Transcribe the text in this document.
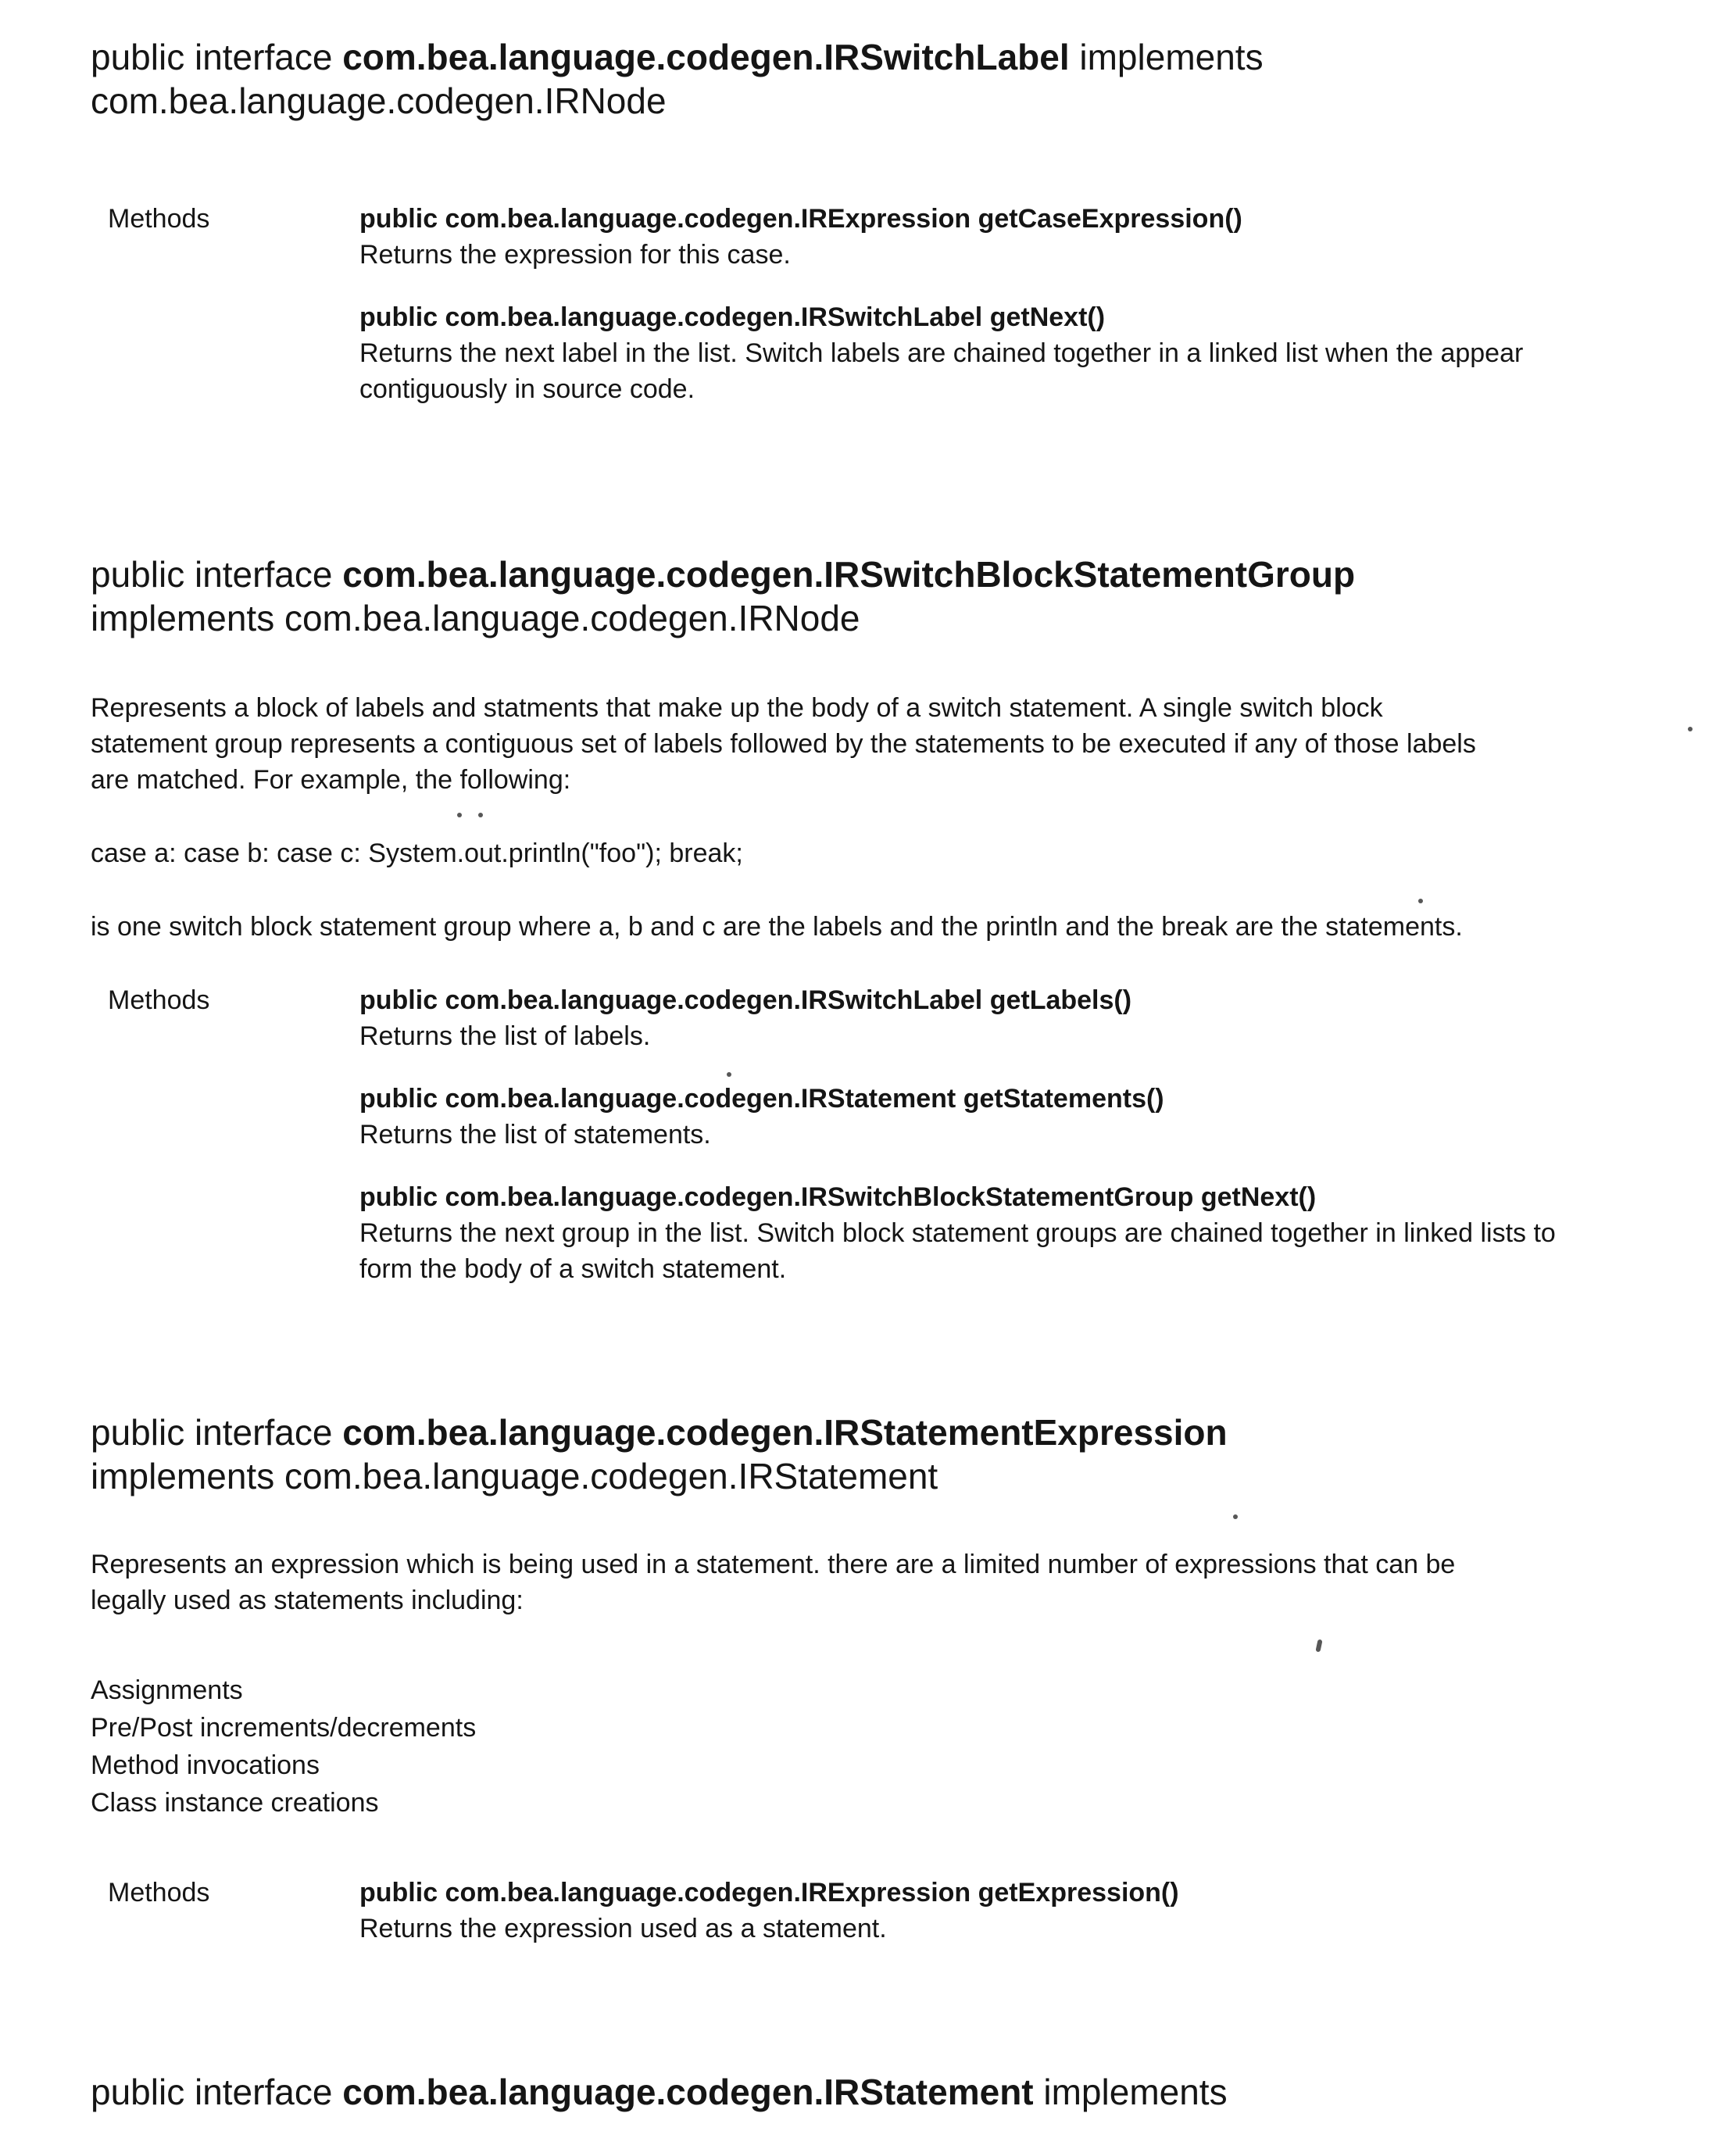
public interface com.bea.language.codegen.IRSwitchLabel implements
com.bea.language.codegen.IRNode
Methods	public com.bea.language.codegen.IRExpression getCaseExpression()
Returns the expression for this case.
public com.bea.language.codegen.IRSwitchLabel getNext()
Returns the next label in the list. Switch labels are chained together in a linked list when the appear contiguously in source code.
public interface com.bea.language.codegen.IRSwitchBlockStatementGroup
implements com.bea.language.codegen.IRNode

Represents a block of labels and statments that make up the body of a switch statement. A single switch block statement group represents a contiguous set of labels followed by the statements to be executed if any of those labels are matched. For example, the following:

case a: case b: case c: System.out.println("foo"); break;

is one switch block statement group where a, b and c are the labels and the println and the break are the statements.

Methods	public com.bea.language.codegen.IRSwitchLabel getLabels()
Returns the list of labels.
public com.bea.language.codegen.IRStatement getStatements()
Returns the list of statements.
public com.bea.language.codegen.IRSwitchBlockStatementGroup getNext()
Returns the next group in the list. Switch block statement groups are chained together in linked lists to form the body of a switch statement.
public interface com.bea.language.codegen.IRStatementExpression
implements com.bea.language.codegen.IRStatement

Represents an expression which is being used in a statement. there are a limited number of expressions that can be legally used as statements including:

Assignments
Pre/Post increments/decrements
Method invocations
Class instance creations
Methods	public com.bea.language.codegen.IRExpression getExpression()
Returns the expression used as a statement.
public interface com.bea.language.codegen.IRStatement implements
